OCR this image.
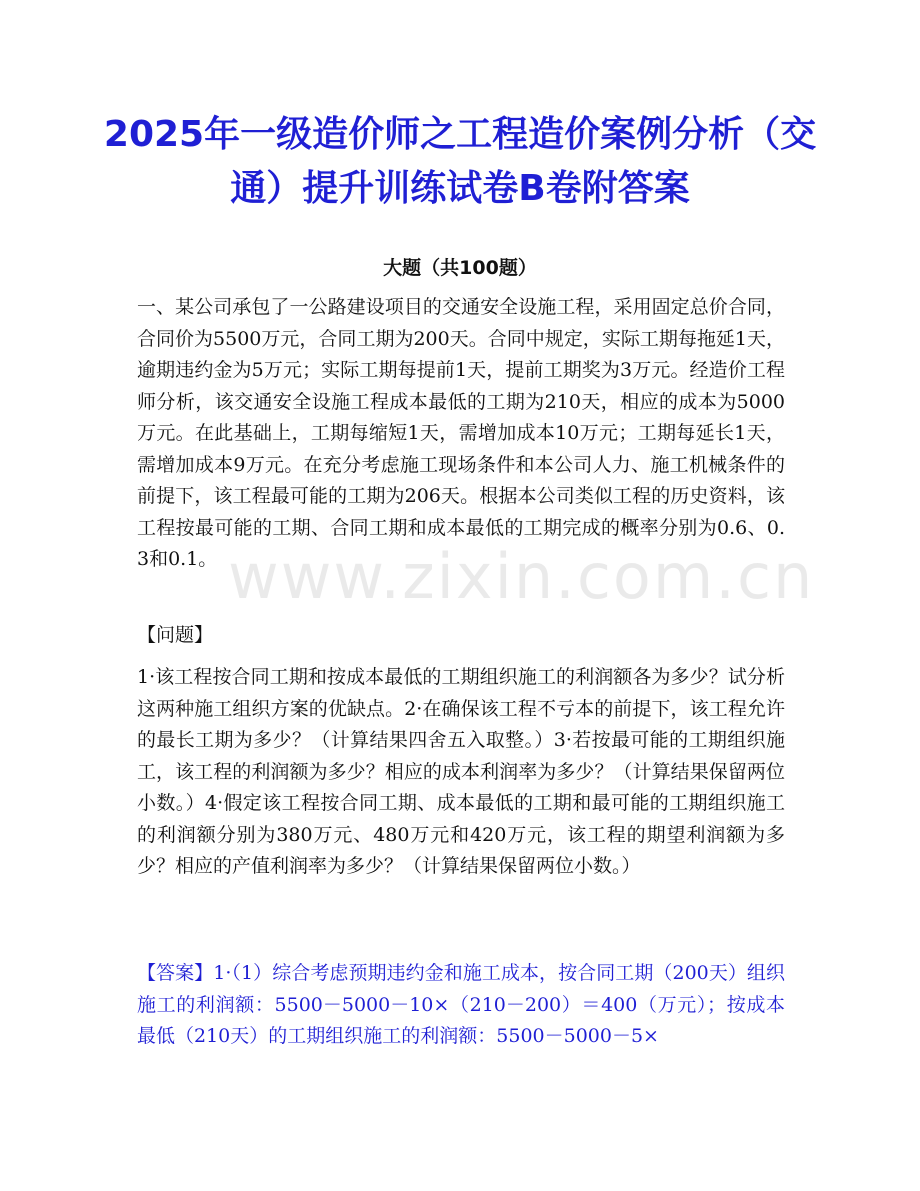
2025年一级造价师之工程造价案例分析（交通）提升训练试卷B卷附答案
大题（共100题）

一、某公司承包了一公路建设项目的交通安全设施工程，采用固定总价合同，合同价为5500万元，合同工期为200天。合同中规定，实际工期每拖延1天，逾期违约金为5万元；实际工期每提前1天，提前工期奖为3万元。经造价工程师分析，该交通安全设施工程成本最低的工期为210天，相应的成本为5000万元。在此基础上，工期每缩短1天，需增加成本10万元；工期每延长1天，需增加成本9万元。在充分考虑施工现场条件和本公司人力、施工机械条件的前提下，该工程最可能的工期为206天。根据本公司类似工程的历史资料，该工程按最可能的工期、合同工期和成本最低的工期完成的概率分别为0.6、0.3和0.1。

【问题】

1·该工程按合同工期和按成本最低的工期组织施工的利润额各为多少？试分析这两种施工组织方案的优缺点。2·在确保该工程不亏本的前提下，该工程允许的最长工期为多少？（计算结果四舍五入取整。）3·若按最可能的工期组织施工，该工程的利润额为多少？相应的成本利润率为多少？（计算结果保留两位小数。）4·假定该工程按合同工期、成本最低的工期和最可能的工期组织施工的利润额分别为380万元、480万元和420万元，该工程的期望利润额为多少？相应的产值利润率为多少？（计算结果保留两位小数。）

【答案】1·（1）综合考虑预期违约金和施工成本，按合同工期（200天）组织施工的利润额：5500－5000－10×（210－200）＝400（万元）；按成本最低（210天）的工期组织施工的利润额：5500－5000－5×

www.zixin.com.cn
